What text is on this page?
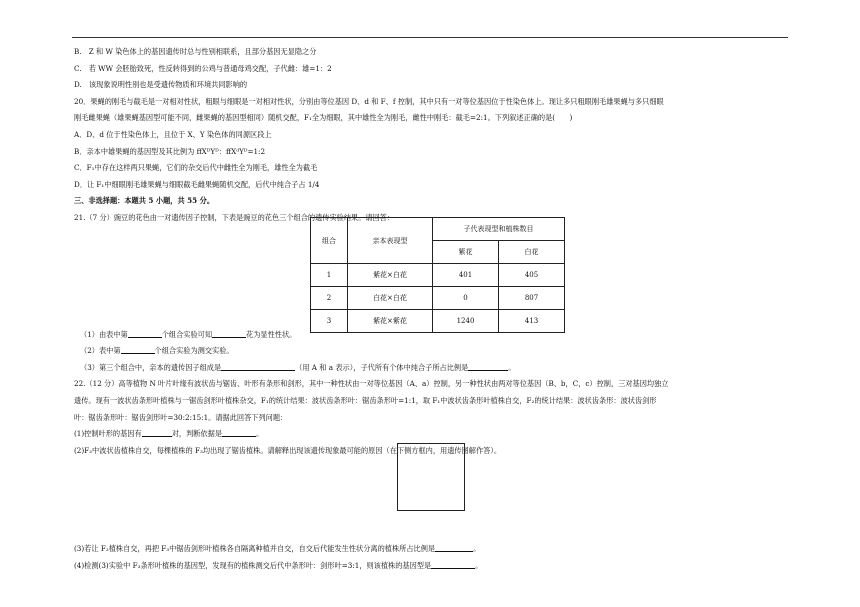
B.　Z 和 W 染色体上的基因遗传时总与性别相联系，且部分基因无显隐之分
C.　若 WW 会胚胎致死，性反转得到的公鸡与普通母鸡交配，子代雌：雄=1：2
D.　该现象说明性别也是受遗传物质和环境共同影响的
20．果蝇的刚毛与截毛是一对相对性状，粗眼与细眼是一对相对性状，分别由等位基因 D、d 和 F、f 控制，其中只有一对等位基因位于性染色体上。现让多只粗眼刚毛雄果蝇与多只细眼
刚毛雌果蝇（雄果蝇基因型可能不同，雌果蝇的基因型相同）随机交配，F₁全为细眼，其中雄性全为刚毛，雌性中刚毛：截毛=2:1。下列叙述正确的是(　　)
A．D、d 位于性染色体上，且位于 X、Y 染色体的同源区段上
B．亲本中雄果蝇的基因型及其比例为 ffXᴰYᴰ：ffXᵈYᴰ=1:2
C．F₁中存在这样两只果蝇，它们的杂交后代中雌性全为刚毛，雄性全为截毛
D．让 F₁中细眼刚毛雄果蝇与细眼截毛雌果蝇随机交配，后代中纯合子占 1/4
三、非选择题：本题共 5 小题，共 55 分。
21.（7 分）豌豆的花色由一对遗传因子控制，下表是豌豆的花色三个组合的遗传实验结果。请回答：
（1）由表中第	个组合实验可知	花为显性性状。
（2）表中第	个组合实验为测交实验。
（3）第三个组合中，亲本的遗传因子组成是	（用 A 和 a 表示），子代所有个体中纯合子所占比例是	。
22.（12 分）高等植物 N 叶片叶缘有波状齿与锯齿、叶形有条形和剑形，其中一种性状由一对等位基因（A、a）控制，另一种性状由两对等位基因（B、b，C，c）控制，三对基因均独立
遗传。现有一波状齿条形叶植株与一锯齿剑形叶植株杂交，F₁的统计结果：波状齿条形叶：锯齿条形叶=1:1，取 F₁中波状齿条形叶植株自交，F₂的统计结果：波状齿条形：波状齿剑形
叶：锯齿条形叶：锯齿剑形叶=30:2:15:1。请据此回答下列问题：
(1)控制叶形的基因有	对，判断依据是	。
(2)F₂中波状齿植株自交，每棵植株的 F₃均出现了锯齿植株。请解释出现该遗传现象最可能的原因（在下侧方框内，用遗传图解作答）。
(3)若让 F₂植株自交，再把 F₃中锯齿剑形叶植株各自隔离种植并自交，自交后代能发生性状分离的植株所占比例是	。
(4)检测(3)实验中 F₃条形叶植株的基因型，发现有的植株测交后代中条形叶：剑形叶=3:1，则该植株的基因型是	。
组合	亲本表现型	子代表现型和植株数目	
		紫花	白花
1	紫花×白花	401	405
2	白花×白花	0	807
3	紫花×紫花	1240	413
